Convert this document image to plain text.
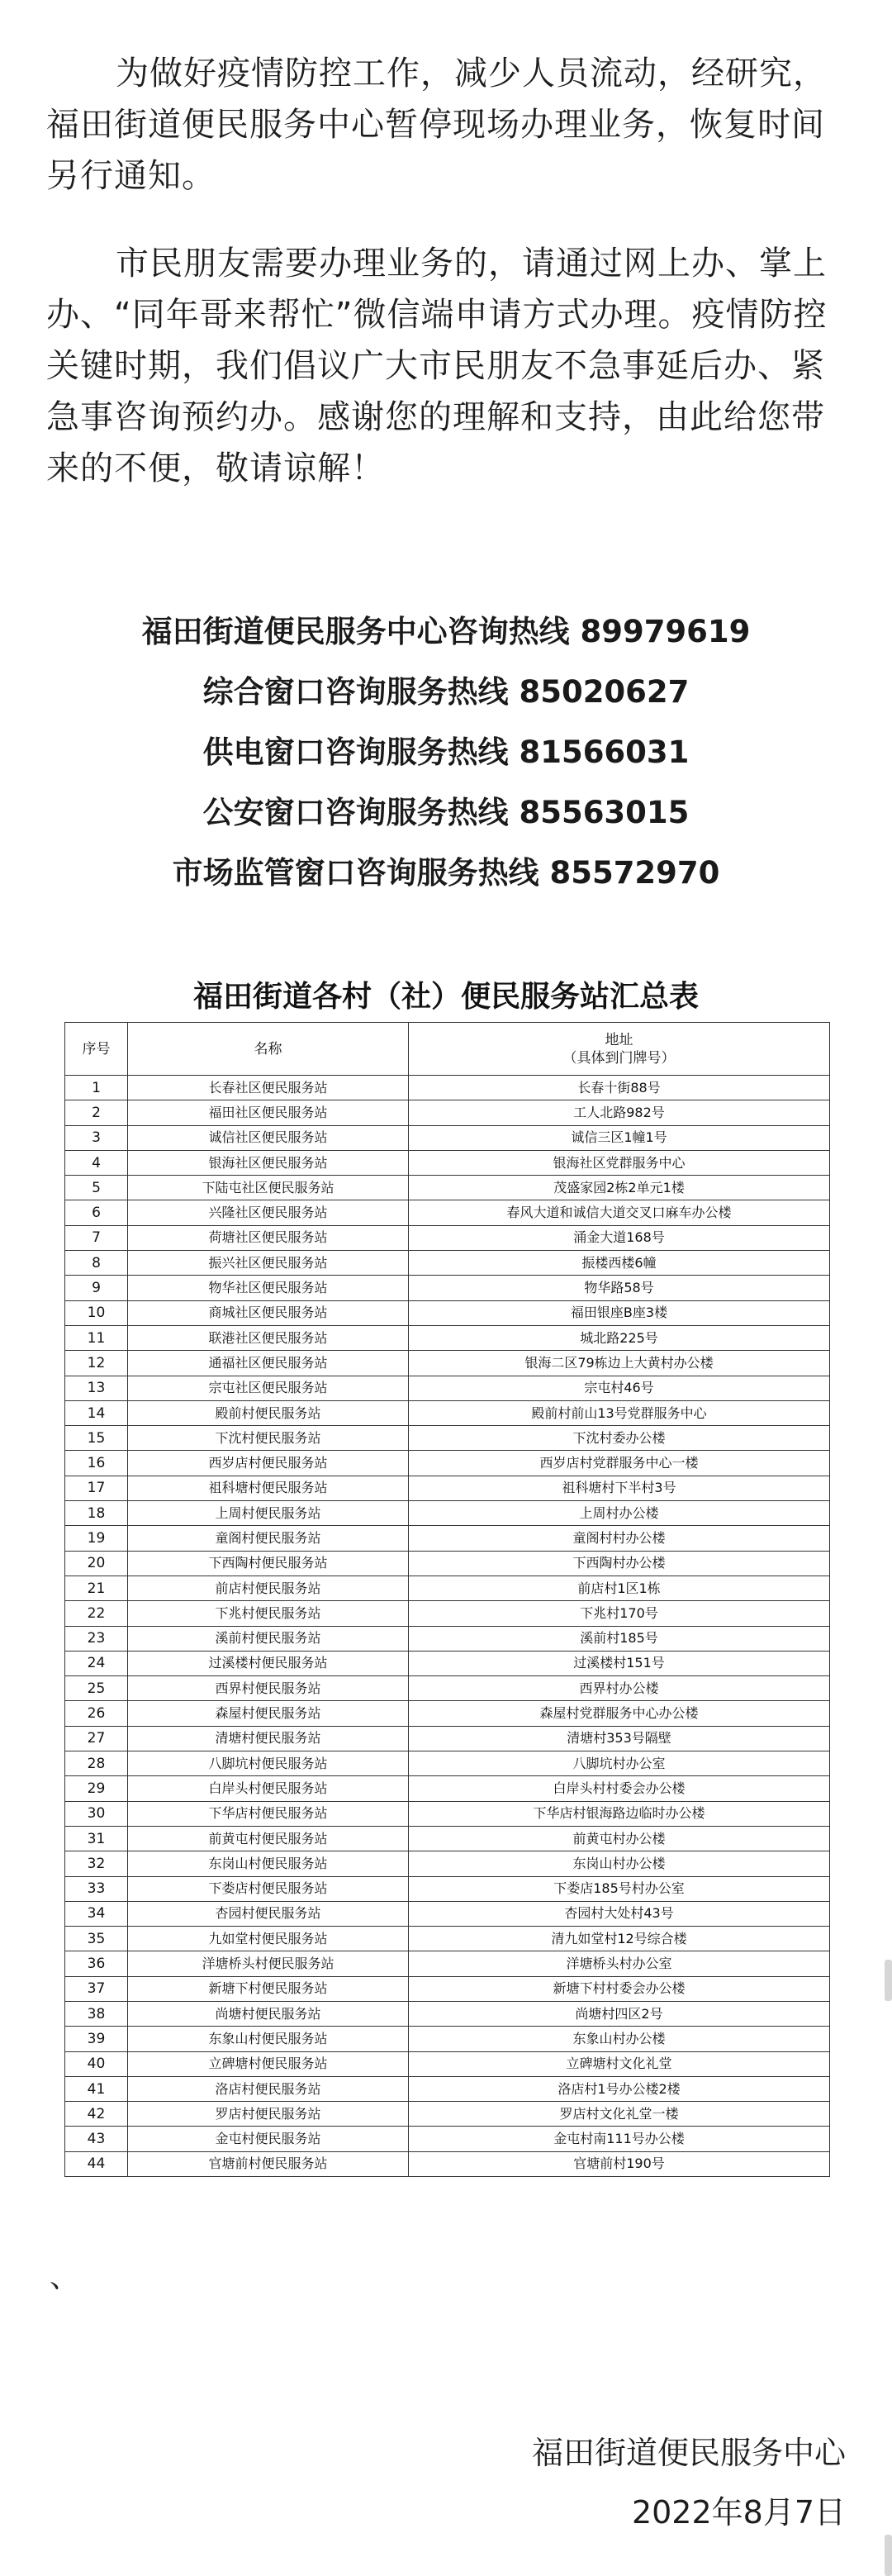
为做好疫情防控工作，减少人员流动，经研究，福田街道便民服务中心暂停现场办理业务，恢复时间另行通知。
市民朋友需要办理业务的，请通过网上办、掌上办、“同年哥来帮忙”微信端申请方式办理。疫情防控关键时期，我们倡议广大市民朋友不急事延后办、紧急事咨询预约办。感谢您的理解和支持，由此给您带来的不便，敬请谅解！
福田街道便民服务中心咨询热线 89979619
综合窗口咨询服务热线 85020627
供电窗口咨询服务热线 81566031
公安窗口咨询服务热线 85563015
市场监管窗口咨询服务热线 85572970
福田街道各村（社）便民服务站汇总表
序号	名称	地址
（具体到门牌号）

1	长春社区便民服务站	长春十街88号
2	福田社区便民服务站	工人北路982号
3	诚信社区便民服务站	诚信三区1幢1号
4	银海社区便民服务站	银海社区党群服务中心
5	下陆屯社区便民服务站	茂盛家园2栋2单元1楼
6	兴隆社区便民服务站	春风大道和诚信大道交叉口麻车办公楼
7	荷塘社区便民服务站	涌金大道168号
8	振兴社区便民服务站	振楼西楼6幢
9	物华社区便民服务站	物华路58号
10	商城社区便民服务站	福田银座B座3楼
11	联港社区便民服务站	城北路225号
12	通福社区便民服务站	银海二区79栋边上大黄村办公楼
13	宗屯社区便民服务站	宗屯村46号
14	殿前村便民服务站	殿前村前山13号党群服务中心
15	下沈村便民服务站	下沈村委办公楼
16	西岁店村便民服务站	西岁店村党群服务中心一楼
17	祖科塘村便民服务站	祖科塘村下半村3号
18	上周村便民服务站	上周村办公楼
19	童阁村便民服务站	童阁村村办公楼
20	下西陶村便民服务站	下西陶村办公楼
21	前店村便民服务站	前店村1区1栋
22	下兆村便民服务站	下兆村170号
23	溪前村便民服务站	溪前村185号
24	过溪楼村便民服务站	过溪楼村151号
25	西界村便民服务站	西界村办公楼
26	森屋村便民服务站	森屋村党群服务中心办公楼
27	清塘村便民服务站	清塘村353号隔壁
28	八脚坑村便民服务站	八脚坑村办公室
29	白岸头村便民服务站	白岸头村村委会办公楼
30	下华店村便民服务站	下华店村银海路边临时办公楼
31	前黄屯村便民服务站	前黄屯村办公楼
32	东岗山村便民服务站	东岗山村办公楼
33	下娄店村便民服务站	下娄店185号村办公室
34	杏园村便民服务站	杏园村大处村43号
35	九如堂村便民服务站	清九如堂村12号综合楼
36	洋塘桥头村便民服务站	洋塘桥头村办公室
37	新塘下村便民服务站	新塘下村村委会办公楼
38	尚塘村便民服务站	尚塘村四区2号
39	东象山村便民服务站	东象山村办公楼
40	立碑塘村便民服务站	立碑塘村文化礼堂
41	洛店村便民服务站	洛店村1号办公楼2楼
42	罗店村便民服务站	罗店村文化礼堂一楼
43	金屯村便民服务站	金屯村南111号办公楼
44	官塘前村便民服务站	官塘前村190号
、
福田街道便民服务中心
2022年8月7日
